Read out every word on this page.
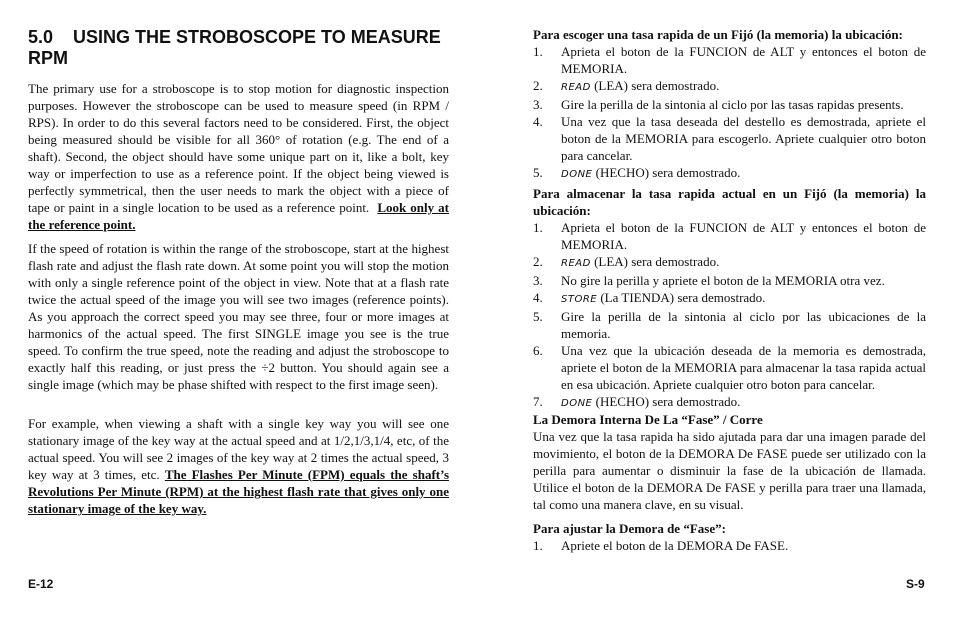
5.0 USING THE STROBOSCOPE TO MEASURE
RPM

The primary use for a stroboscope is to stop motion for diagnostic inspection purposes. However the stroboscope can be used to measure speed (in RPM / RPS). In order to do this several factors need to be considered. First, the object being measured should be visible for all 360° of rotation (e.g. The end of a shaft). Second, the object should have some unique part on it, like a bolt, key way or imperfection to use as a reference point. If the object being viewed is perfectly symmetrical, then the user needs to mark the object with a piece of tape or paint in a single location to be used as a reference point. Look only at the reference point.

If the speed of rotation is within the range of the stroboscope, start at the highest flash rate and adjust the flash rate down. At some point you will stop the motion with only a single reference point of the object in view. Note that at a flash rate twice the actual speed of the image you will see two images (reference points). As you approach the correct speed you may see three, four or more images at harmonics of the actual speed. The first SINGLE image you see is the true speed. To confirm the true speed, note the reading and adjust the stroboscope to exactly half this reading, or just press the ÷2 button. You should again see a single image (which may be phase shifted with respect to the first image seen).

For example, when viewing a shaft with a single key way you will see one stationary image of the key way at the actual speed and at 1/2,1/3,1/4, etc, of the actual speed. You will see 2 images of the key way at 2 times the actual speed, 3 key way at 3 times, etc. The Flashes Per Minute (FPM) equals the shaft’s Revolutions Per Minute (RPM) at the highest flash rate that gives only one stationary image of the key way.

E-12

Para escoger una tasa rapida de un Fijó (la memoria) la ubicación:

1. Aprieta el boton de la FUNCION de ALT y entonces el boton de MEMORIA.
2. READ (LEA) sera demostrado.
3. Gire la perilla de la sintonia al ciclo por las tasas rapidas presents.
4. Una vez que la tasa deseada del destello es demostrada, apriete el boton de la MEMORIA para escogerlo. Apriete cualquier otro boton para cancelar.
5. DONE (HECHO) sera demostrado.

Para almacenar la tasa rapida actual en un Fijó (la memoria) la ubicación:

1. Aprieta el boton de la FUNCION de ALT y entonces el boton de MEMORIA.
2. READ (LEA) sera demostrado.
3. No gire la perilla y apriete el boton de la MEMORIA otra vez.
4. STORE (La TIENDA) sera demostrado.
5. Gire la perilla de la sintonia al ciclo por las ubicaciones de la memoria.
6. Una vez que la ubicación deseada de la memoria es demostrada, apriete el boton de la MEMORIA para almacenar la tasa rapida actual en esa ubicación. Apriete cualquier otro boton para cancelar.
7. DONE (HECHO) sera demostrado.

La Demora Interna De La “Fase” / Corre

Una vez que la tasa rapida ha sido ajutada para dar una imagen parade del movimiento, el boton de la DEMORA De FASE puede ser utilizado con la perilla para aumentar o disminuir la fase de la ubicación de llamada. Utilice el boton de la DEMORA De FASE y perilla para traer una llamada, tal como una manera clave, en su visual.

Para ajustar la Demora de “Fase”:

1. Apriete el boton de la DEMORA De FASE.
S-9
